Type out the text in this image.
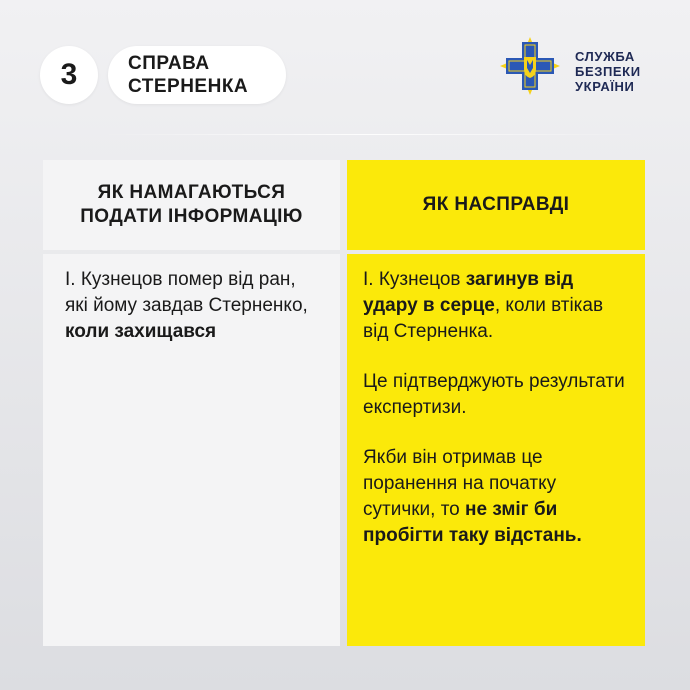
3	СПРАВА
СТЕРНЕНКА
СЛУЖБА
БЕЗПЕКИ
УКРАЇНИ
ЯК НАМАГАЮТЬСЯ
ПОДАТИ ІНФОРМАЦІЮ
ЯК НАСПРАВДІ

І. Кузнецов помер від ран, які йому завдав Стерненко, коли захищався

І. Кузнецов загинув від удару в серце, коли втікав від Стерненка.

Це підтверджують результати експертизи.

Якби він отримав це поранення на початку сутички, то не зміг би пробігти таку відстань.
